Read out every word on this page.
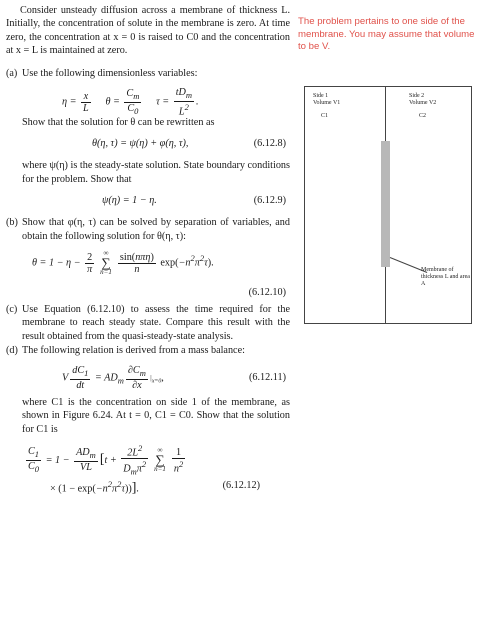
Consider unsteady diffusion across a membrane of thickness L. Initially, the concentration of solute in the membrane is zero. At time zero, the concentration at x = 0 is raised to C0 and the concentration at x = L is maintained at zero.

(a) Use the following dimensionless variables:

$\eta = \frac{x}{L}$ $\theta = \frac{C_m}{C_0}$ $\tau = \frac{tD_m}{L^2}$ .

Show that the solution for θ can be rewritten as

θ(η, τ) = ψ(η) + φ(η, τ),	(6.12.8)

where ψ(η) is the steady-state solution. State boundary conditions for the problem. Show that

ψ(η) = 1 − η.	(6.12.9)
(b) Show that φ(η, τ) can be solved by separation of variables, and obtain the following solution for θ(η, τ):

$\theta = 1 - \eta - \frac{2}{\pi}$	∞
∑
$n=1 \frac{\text{sin(nπη)}}{n} \exp(-n^2\pi^2\tau)$.
(6.12.10)
(c) Use Equation (6.12.10) to assess the time required for the membrane to reach steady state. Compare this result with the result obtained from the quasi-steady-state analysis.

(d) The following relation is derived from a mass balance:

V $\frac{dC_1}{dt} = AD_m \frac{\partial C_m}{\partial x} |_{x=0}$,	(6.12.11)

where C1 is the concentration on side 1 of the membrane, as shown in Figure 6.24. At t = 0, C1 = C0. Show that the solution for C1 is

$\frac{C_1}{C_0} = 1 - \frac{AD_m}{VL} [t + \frac{2L^2}{D_m\pi^2}$	∞
∑
$n=1 \frac{1}{n^2}$
× $(1 - \exp(-n^2\pi^2\tau))$].	(6.12.12)
The problem pertains to one side of the membrane. You may assume that volume to be V.
Side 1
Volume V1
C1
Side 2
Volume V2
C2
Membrane of
thickness L and area A
